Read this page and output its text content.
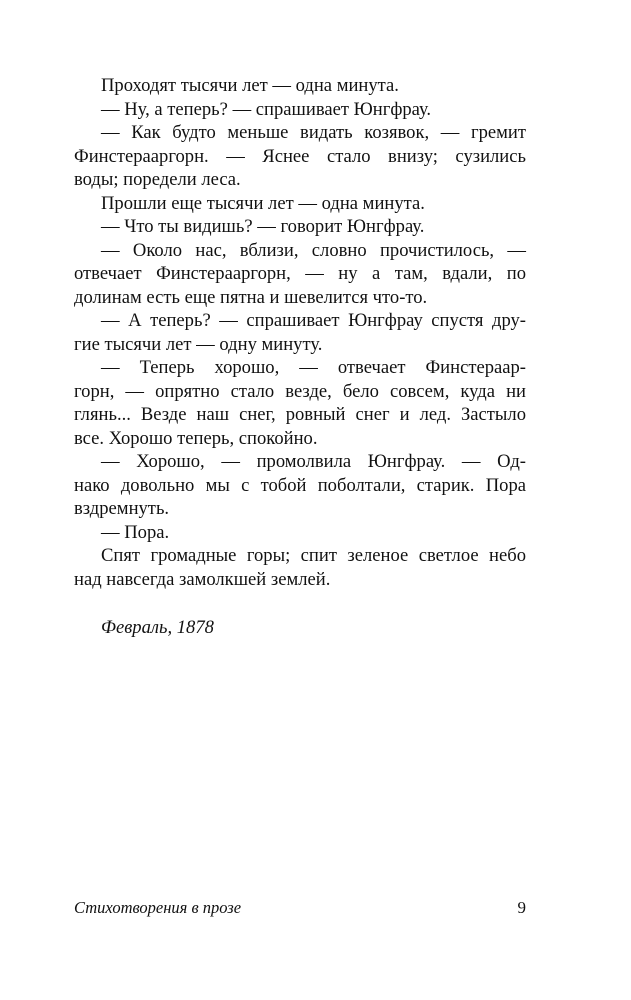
Проходят тысячи лет — одна минута.
— Ну, а теперь? — спрашивает Юнгфрау.
— Как будто меньше видать козявок, — гремит
Финстерааргорн. — Яснее стало внизу; сузились
воды; поредели леса.
Прошли еще тысячи лет — одна минута.
— Что ты видишь? — говорит Юнгфрау.
— Около нас, вблизи, словно прочистилось, —
отвечает Финстерааргорн, — ну а там, вдали, по
долинам есть еще пятна и шевелится что-то.
— А теперь? — спрашивает Юнгфрау спустя дру-
гие тысячи лет — одну минуту.
— Теперь хорошо, — отвечает Финстераар-
горн, — опрятно стало везде, бело совсем, куда ни
глянь... Везде наш снег, ровный снег и лед. Застыло
все. Хорошо теперь, спокойно.
— Хорошо, — промолвила Юнгфрау. — Од-
нако довольно мы с тобой поболтали, старик. Пора
вздремнуть.
— Пора.
Спят громадные горы; спит зеленое светлое небо
над навсегда замолкшей землей.
Февраль, 1878
Стихотворения в прозе	9
